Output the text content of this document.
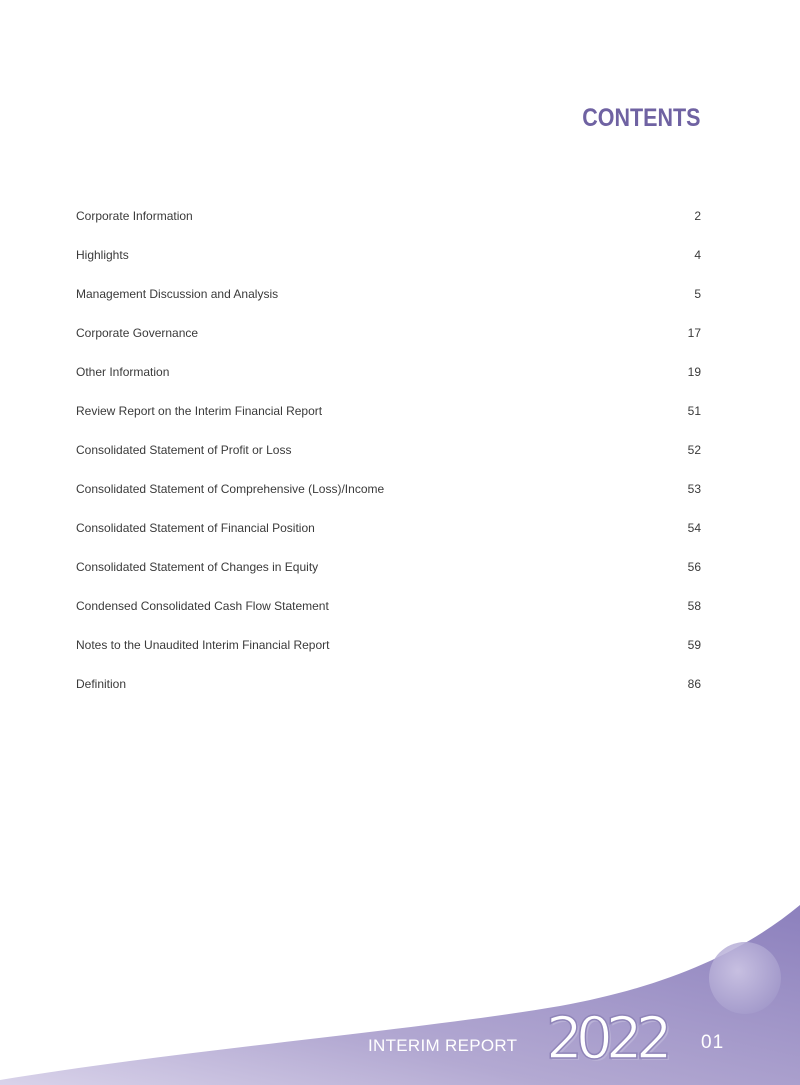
CONTENTS
Corporate Information	2
Highlights	4
Management Discussion and Analysis	5
Corporate Governance	17
Other Information	19
Review Report on the Interim Financial Report	51
Consolidated Statement of Profit or Loss	52
Consolidated Statement of Comprehensive (Loss)/Income	53
Consolidated Statement of Financial Position	54
Consolidated Statement of Changes in Equity	56
Condensed Consolidated Cash Flow Statement	58
Notes to the Unaudited Interim Financial Report	59
Definition	86
INTERIM REPORT 2022 01
